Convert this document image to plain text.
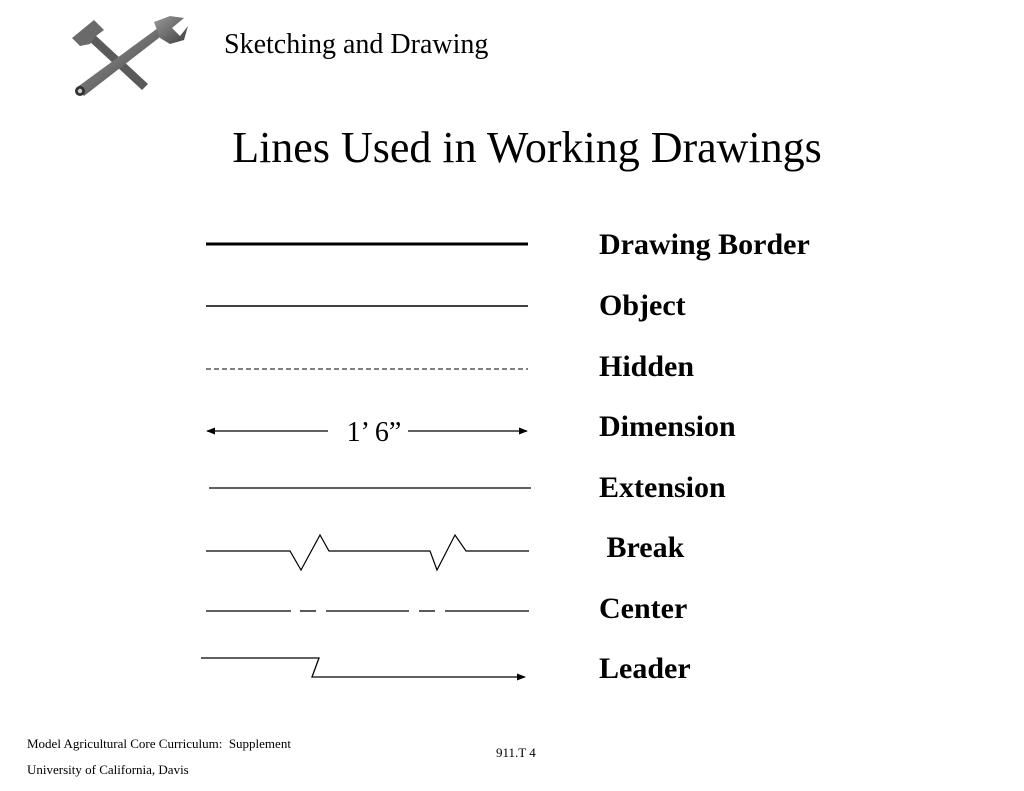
Sketching and Drawing
Lines Used in Working Drawings
1’ 6”
Drawing Border
Object
Hidden
Dimension
Extension
Break
Center
Leader
Model Agricultural Core Curriculum:  Supplement
University of California, Davis
911.T 4
